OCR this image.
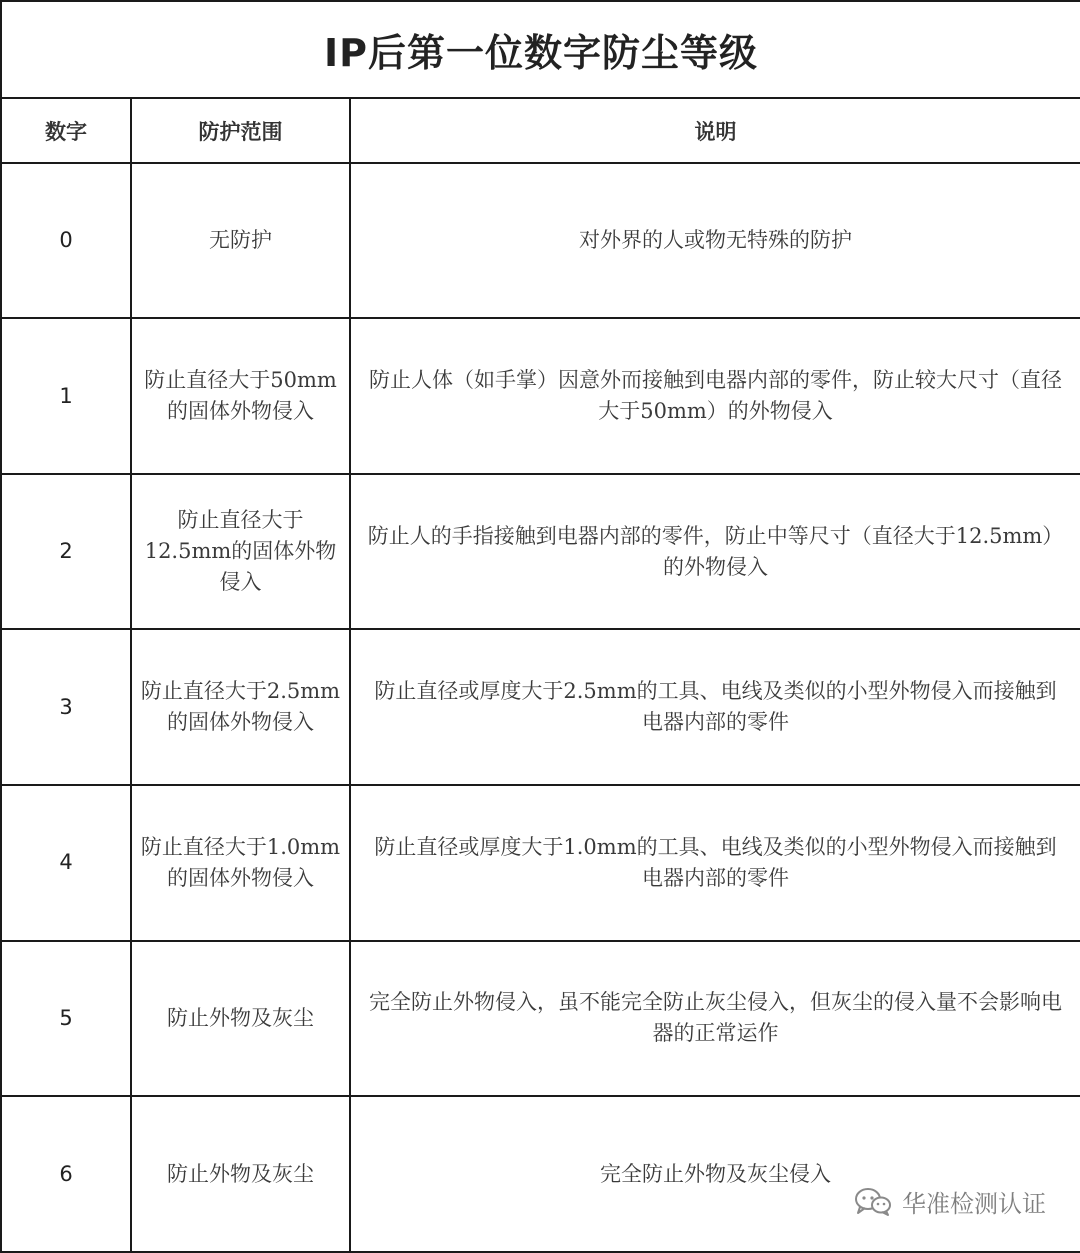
IP后第一位数字防尘等级		
数字	防护范围	说明
0	无防护	对外界的人或物无特殊的防护
1	防止直径大于50mm的固体外物侵入	防止人体（如手掌）因意外而接触到电器内部的零件，防止较大尺寸（直径大于50mm）的外物侵入
2	防止直径大于12.5mm的固体外物侵入	防止人的手指接触到电器内部的零件，防止中等尺寸（直径大于12.5mm）的外物侵入
3	防止直径大于2.5mm的固体外物侵入	防止直径或厚度大于2.5mm的工具、电线及类似的小型外物侵入而接触到电器内部的零件
4	防止直径大于1.0mm的固体外物侵入	防止直径或厚度大于1.0mm的工具、电线及类似的小型外物侵入而接触到电器内部的零件
5	防止外物及灰尘	完全防止外物侵入，虽不能完全防止灰尘侵入，但灰尘的侵入量不会影响电器的正常运作
6	防止外物及灰尘	完全防止外物及灰尘侵入
华准检测认证
